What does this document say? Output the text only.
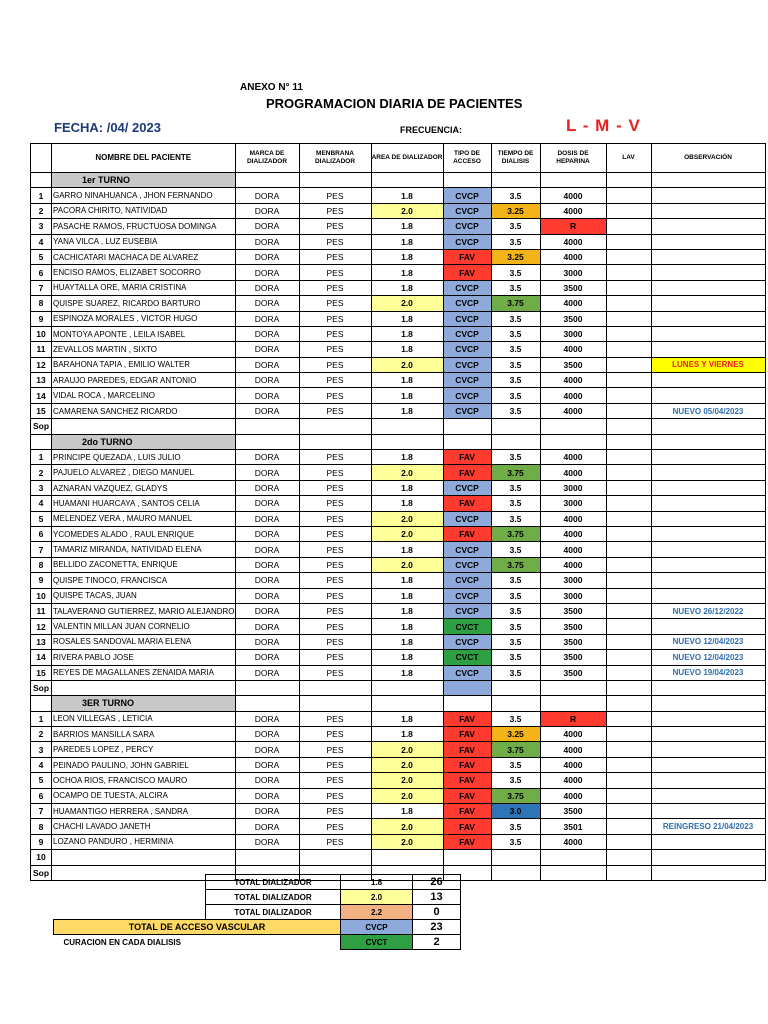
ANEXO N° 11
PROGRAMACION DIARIA DE PACIENTES
FECHA: /04/ 2023	FRECUENCIA:	L - M - V
	NOMBRE DEL PACIENTE	MARCA DE DIALIZADOR	MENBRANA DIALIZADOR	AREA DE DIALIZADOR	TIPO DE ACCESO	TIEMPO DE DIALISIS	DOSIS DE HEPARINA	LAV	OBSERVACIÓN
	1er TURNO								
1	GARRO NINAHUANCA , JHON FERNANDO	DORA	PES	1.8	CVCP	3.5	4000		
2	PACORA CHIRITO, NATIVIDAD	DORA	PES	2.0	CVCP	3.25	4000		
3	PASACHE RAMOS, FRUCTUOSA DOMINGA	DORA	PES	1.8	CVCP	3.5	R		
4	YANA VILCA , LUZ EUSEBIA	DORA	PES	1.8	CVCP	3.5	4000		
5	CACHICATARI MACHACA DE ALVAREZ	DORA	PES	1.8	FAV	3.25	4000		
6	ENCISO RAMOS, ELIZABET SOCORRO	DORA	PES	1.8	FAV	3.5	3000		
7	HUAYTALLA ORE, MARIA CRISTINA	DORA	PES	1.8	CVCP	3.5	3500		
8	QUISPE SUAREZ, RICARDO BARTURO	DORA	PES	2.0	CVCP	3.75	4000		
9	ESPINOZA MORALES , VICTOR HUGO	DORA	PES	1.8	CVCP	3.5	3500		
10	MONTOYA APONTE , LEILA ISABEL	DORA	PES	1.8	CVCP	3.5	3000		
11	ZEVALLOS MARTIN , SIXTO	DORA	PES	1.8	CVCP	3.5	4000		
12	BARAHONA TAPIA , EMILIO WALTER	DORA	PES	2.0	CVCP	3.5	3500		LUNES Y VIERNES
13	ARAUJO PAREDES, EDGAR ANTONIO	DORA	PES	1.8	CVCP	3.5	4000		
14	VIDAL ROCA , MARCELINO	DORA	PES	1.8	CVCP	3.5	4000		
15	CAMARENA SANCHEZ RICARDO	DORA	PES	1.8	CVCP	3.5	4000		NUEVO 05/04/2023
Sop									
	2do TURNO								
1	PRINCIPE QUEZADA , LUIS JULIO	DORA	PES	1.8	FAV	3.5	4000		
2	PAJUELO ALVAREZ , DIEGO MANUEL	DORA	PES	2.0	FAV	3.75	4000		
3	AZNARAN VAZQUEZ, GLADYS	DORA	PES	1.8	CVCP	3.5	3000		
4	HUAMANI HUARCAYA , SANTOS CELIA	DORA	PES	1.8	FAV	3.5	3000		
5	MELENDEZ VERA , MAURO MANUEL	DORA	PES	2.0	CVCP	3.5	4000		
6	YCOMEDES ALADO , RAUL ENRIQUE	DORA	PES	2.0	FAV	3.75	4000		
7	TAMARIZ MIRANDA, NATIVIDAD ELENA	DORA	PES	1.8	CVCP	3.5	4000		
8	BELLIDO ZACONETTA, ENRIQUE	DORA	PES	2.0	CVCP	3.75	4000		
9	QUISPE TINOCO, FRANCISCA	DORA	PES	1.8	CVCP	3.5	3000		
10	QUISPE TACAS, JUAN	DORA	PES	1.8	CVCP	3.5	3000		
11	TALAVERANO GUTIERREZ, MARIO ALEJANDRO	DORA	PES	1.8	CVCP	3.5	3500		NUEVO 26/12/2022
12	VALENTIN MILLAN JUAN CORNELIO	DORA	PES	1.8	CVCT	3.5	3500		
13	ROSALES SANDOVAL MARIA ELENA	DORA	PES	1.8	CVCP	3.5	3500		NUEVO 12/04/2023
14	RIVERA PABLO JOSE	DORA	PES	1.8	CVCT	3.5	3500		NUEVO 12/04/2023
15	REYES DE MAGALLANES ZENAIDA MARIA	DORA	PES	1.8	CVCP	3.5	3500		NUEVO 19/04/2023
Sop									
	3ER TURNO								
1	LEON VILLEGAS , LETICIA	DORA	PES	1.8	FAV	3.5	R		
2	BARRIOS MANSILLA SARA	DORA	PES	1.8	FAV	3.25	4000		
3	PAREDES LOPEZ , PERCY	DORA	PES	2.0	FAV	3.75	4000		
4	PEINADO PAULINO, JOHN GABRIEL	DORA	PES	2.0	FAV	3.5	4000		
5	OCHOA RIOS, FRANCISCO MAURO	DORA	PES	2.0	FAV	3.5	4000		
6	OCAMPO DE TUESTA, ALCIRA	DORA	PES	2.0	FAV	3.75	4000		
7	HUAMANTIGO HERRERA , SANDRA	DORA	PES	1.8	FAV	3.0	3500		
8	CHACHI LAVADO JANETH	DORA	PES	2.0	FAV	3.5	3501		REINGRESO 21/04/2023
9	LOZANO PANDURO , HERMINIA	DORA	PES	2.0	FAV	3.5	4000		
10									
Sop									
TOTAL DIALIZADOR	1.8	26
TOTAL DIALIZADOR	2.0	13
TOTAL DIALIZADOR	2.2	0
TOTAL DE ACCESO VASCULAR	CVCP	23
CURACION EN CADA DIALISIS	CVCT	2
